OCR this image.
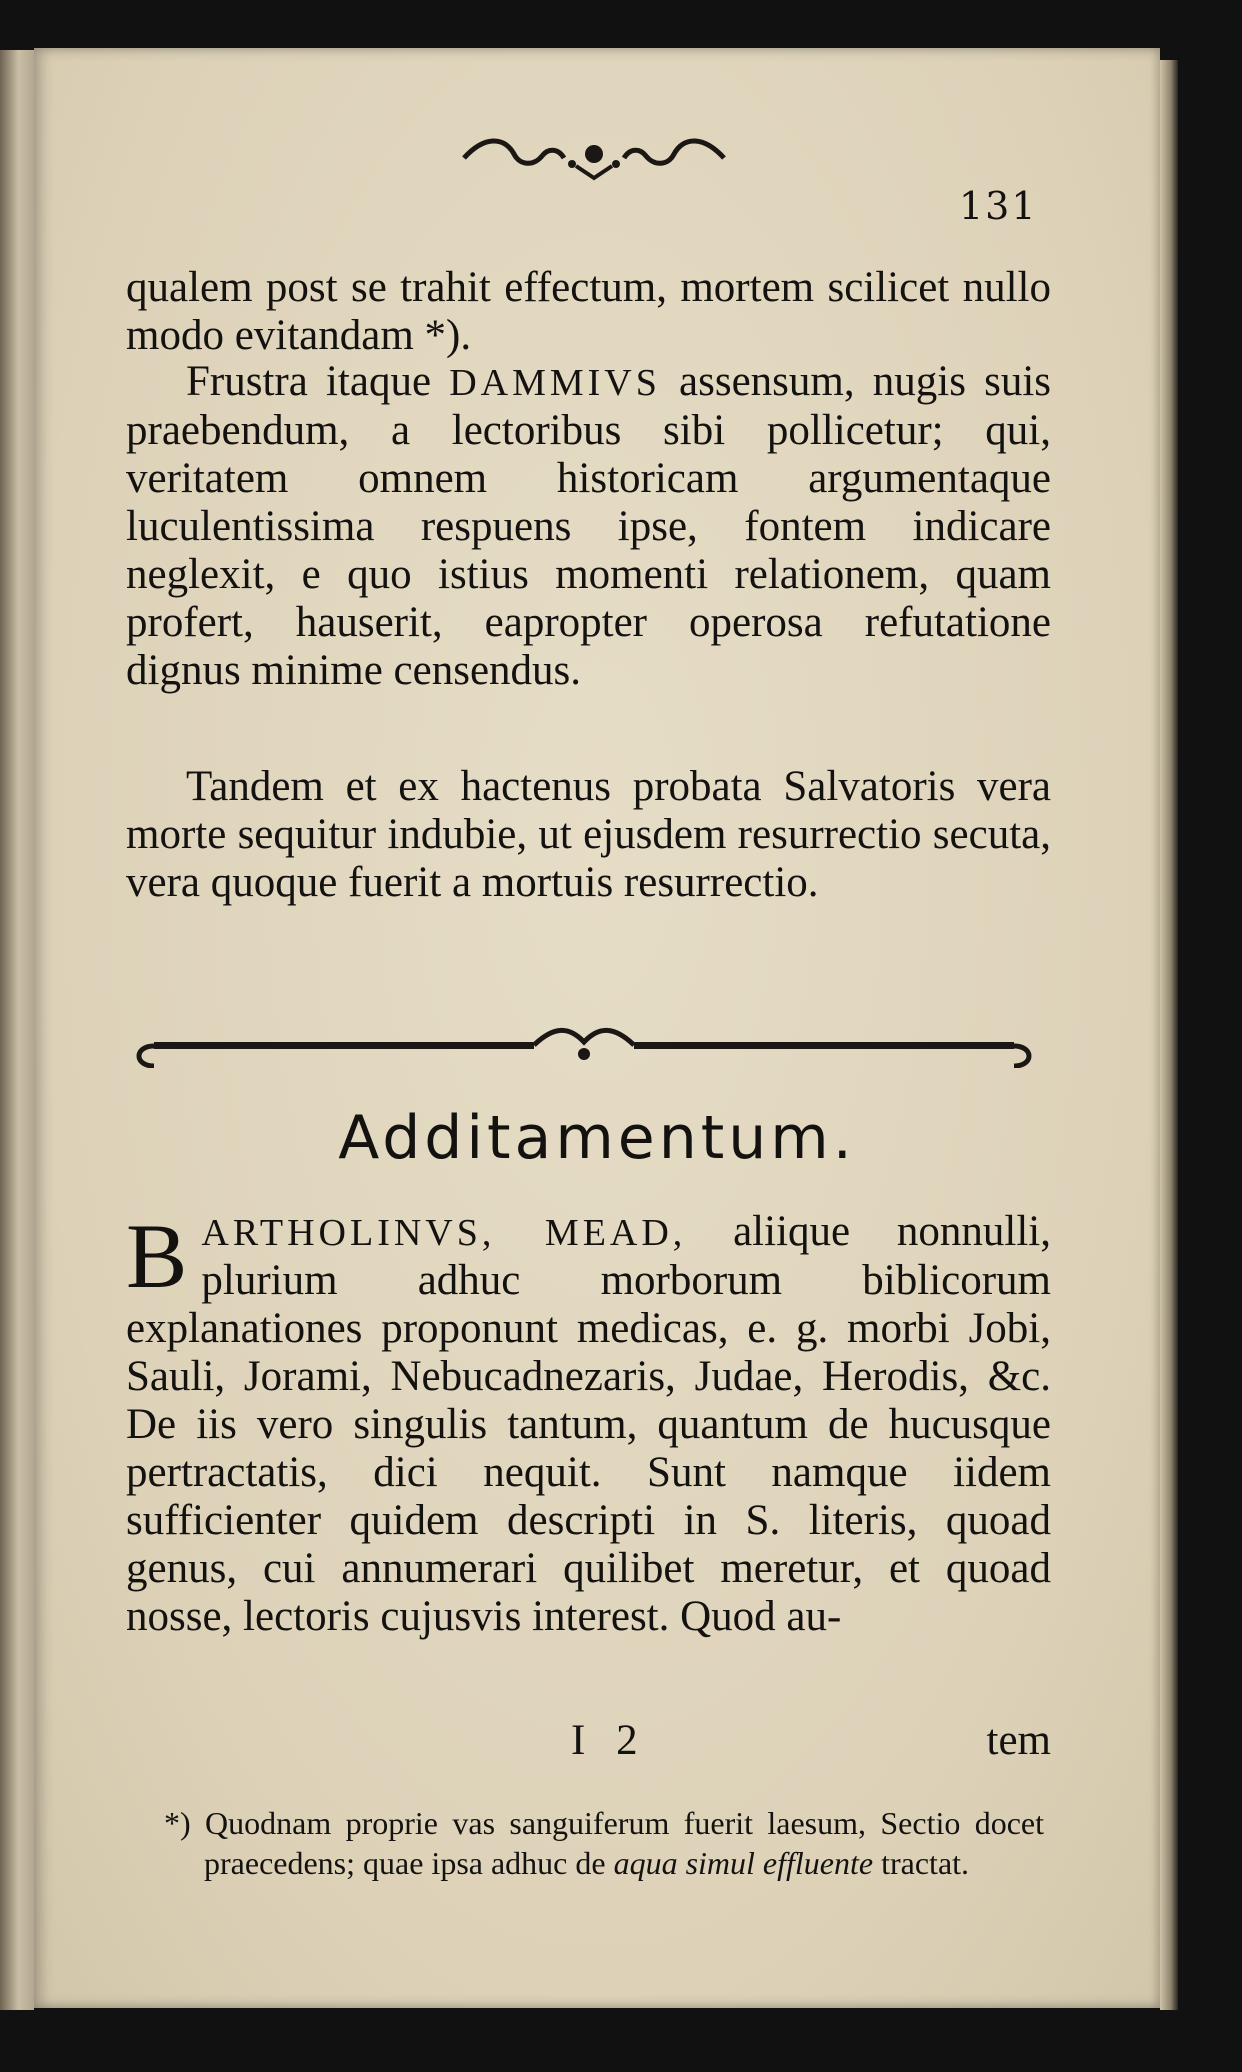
131

qualem post se trahit effectum, mortem scilicet nullo modo evitandam *).

Frustra itaque DAMMIVS assensum, nugis suis praebendum, a lectoribus sibi pollicetur; qui, veritatem omnem historicam argumentaque luculentissima respuens ipse, fontem indicare neglexit, e quo istius momenti relationem, quam profert, hauserit, eapropter operosa refutatione dignus minime censendus.

Tandem et ex hactenus probata Salvatoris vera morte sequitur indubie, ut ejusdem resurrectio secuta, vera quoque fuerit a mortuis resurrectio.

Additamentum.

BARTHOLINVS, MEAD, aliique nonnulli, plurium adhuc morborum biblicorum explanationes proponunt medicas, e. g. morbi Jobi, Sauli, Jorami, Nebucadnezaris, Judae, Herodis, &c. De iis vero singulis tantum, quantum de hucusque pertractatis, dici nequit. Sunt namque iidem sufficienter quidem descripti in S. literis, quoad genus, cui annumerari quilibet meretur, et quoad nosse, lectoris cujusvis interest. Quod au-

I 2	tem

*) Quodnam proprie vas sanguiferum fuerit laesum, Sectio docet praecedens; quae ipsa adhuc de aqua simul effluente tractat.
